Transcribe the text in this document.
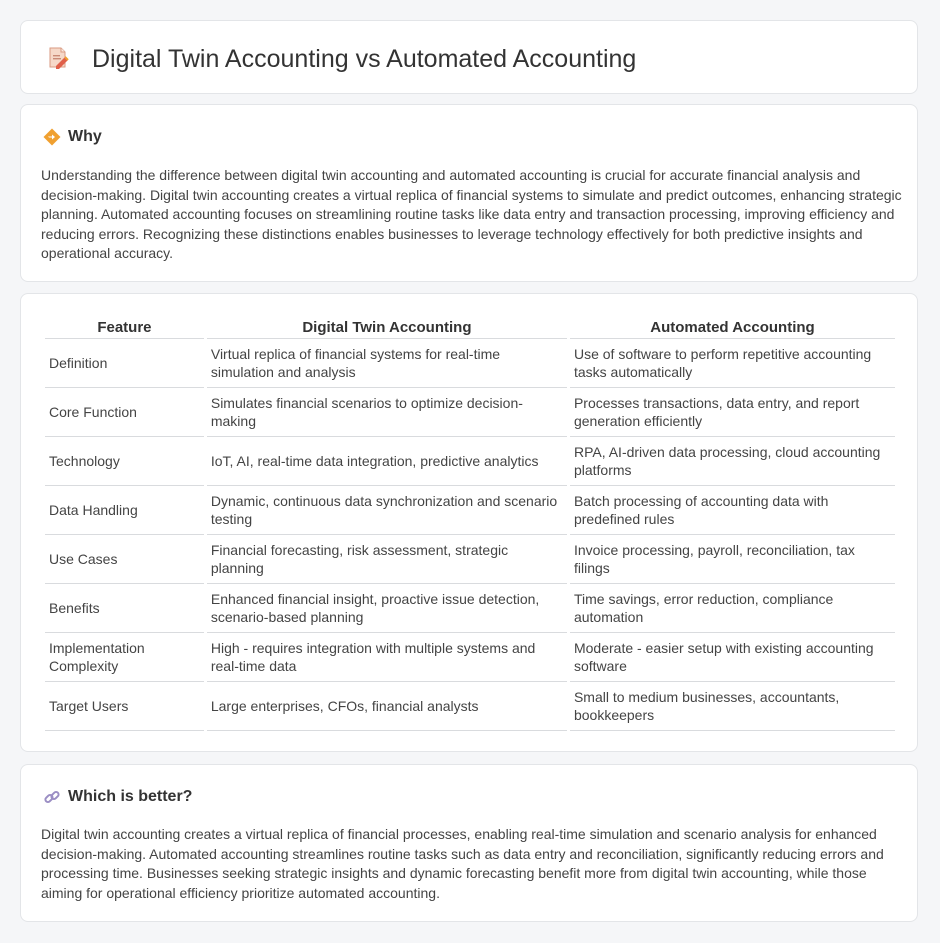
Digital Twin Accounting vs Automated Accounting
Why

Understanding the difference between digital twin accounting and automated accounting is crucial for accurate financial analysis and decision-making. Digital twin accounting creates a virtual replica of financial systems to simulate and predict outcomes, enhancing strategic planning. Automated accounting focuses on streamlining routine tasks like data entry and transaction processing, improving efficiency and reducing errors. Recognizing these distinctions enables businesses to leverage technology effectively for both predictive insights and operational accuracy.

Feature	Digital Twin Accounting	Automated Accounting
Definition	Virtual replica of financial systems for real-time simulation and analysis	Use of software to perform repetitive accounting tasks automatically
Core Function	Simulates financial scenarios to optimize decision-making	Processes transactions, data entry, and report generation efficiently
Technology	IoT, AI, real-time data integration, predictive analytics	RPA, AI-driven data processing, cloud accounting platforms
Data Handling	Dynamic, continuous data synchronization and scenario testing	Batch processing of accounting data with predefined rules
Use Cases	Financial forecasting, risk assessment, strategic planning	Invoice processing, payroll, reconciliation, tax filings
Benefits	Enhanced financial insight, proactive issue detection, scenario-based planning	Time savings, error reduction, compliance automation
Implementation Complexity	High - requires integration with multiple systems and real-time data	Moderate - easier setup with existing accounting software
Target Users	Large enterprises, CFOs, financial analysts	Small to medium businesses, accountants, bookkeepers
Which is better?

Digital twin accounting creates a virtual replica of financial processes, enabling real-time simulation and scenario analysis for enhanced decision-making. Automated accounting streamlines routine tasks such as data entry and reconciliation, significantly reducing errors and processing time. Businesses seeking strategic insights and dynamic forecasting benefit more from digital twin accounting, while those aiming for operational efficiency prioritize automated accounting.
